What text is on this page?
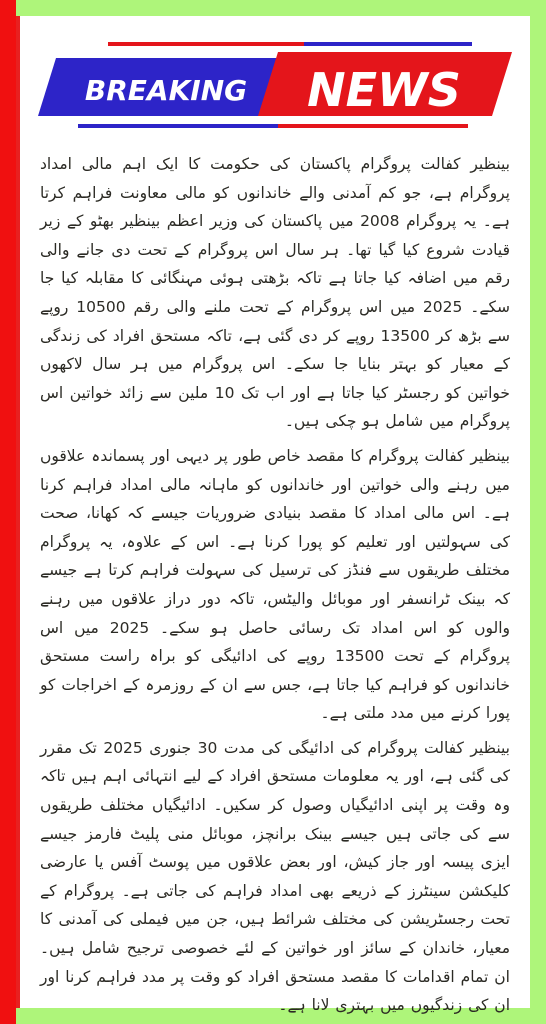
BREAKING NEWS

بینظیر کفالت پروگرام پاکستان کی حکومت کا ایک اہم مالی امداد پروگرام ہے، جو کم آمدنی والے خاندانوں کو مالی معاونت فراہم کرتا ہے۔ یہ پروگرام 2008 میں پاکستان کی وزیر اعظم بینظیر بھٹو کے زیر قیادت شروع کیا گیا تھا۔ ہر سال اس پروگرام کے تحت دی جانے والی رقم میں اضافہ کیا جاتا ہے تاکہ بڑھتی ہوئی مہنگائی کا مقابلہ کیا جا سکے۔ 2025 میں اس پروگرام کے تحت ملنے والی رقم 10500 روپے سے بڑھ کر 13500 روپے کر دی گئی ہے، تاکہ مستحق افراد کی زندگی کے معیار کو بہتر بنایا جا سکے۔ اس پروگرام میں ہر سال لاکھوں خواتین کو رجسٹر کیا جاتا ہے اور اب تک 10 ملین سے زائد خواتین اس پروگرام میں شامل ہو چکی ہیں۔

بینظیر کفالت پروگرام کا مقصد خاص طور پر دیہی اور پسماندہ علاقوں میں رہنے والی خواتین اور خاندانوں کو ماہانہ مالی امداد فراہم کرنا ہے۔ اس مالی امداد کا مقصد بنیادی ضروریات جیسے کہ کھانا، صحت کی سہولتیں اور تعلیم کو پورا کرنا ہے۔ اس کے علاوہ، یہ پروگرام مختلف طریقوں سے فنڈز کی ترسیل کی سہولت فراہم کرتا ہے جیسے کہ بینک ٹرانسفر اور موبائل والیٹس، تاکہ دور دراز علاقوں میں رہنے والوں کو اس امداد تک رسائی حاصل ہو سکے۔ 2025 میں اس پروگرام کے تحت 13500 روپے کی ادائیگی کو براہ راست مستحق خاندانوں کو فراہم کیا جاتا ہے، جس سے ان کے روزمرہ کے اخراجات کو پورا کرنے میں مدد ملتی ہے۔

بینظیر کفالت پروگرام کی ادائیگی کی مدت 30 جنوری 2025 تک مقرر کی گئی ہے، اور یہ معلومات مستحق افراد کے لیے انتہائی اہم ہیں تاکہ وہ وقت پر اپنی ادائیگیاں وصول کر سکیں۔ ادائیگیاں مختلف طریقوں سے کی جاتی ہیں جیسے بینک برانچز، موبائل منی پلیٹ فارمز جیسے ایزی پیسہ اور جاز کیش، اور بعض علاقوں میں پوسٹ آفس یا عارضی کلیکشن سینٹرز کے ذریعے بھی امداد فراہم کی جاتی ہے۔ پروگرام کے تحت رجسٹریشن کی مختلف شرائط ہیں، جن میں فیملی کی آمدنی کا معیار، خاندان کے سائز اور خواتین کے لئے خصوصی ترجیح شامل ہیں۔ ان تمام اقدامات کا مقصد مستحق افراد کو وقت پر مدد فراہم کرنا اور ان کی زندگیوں میں بہتری لانا ہے۔
